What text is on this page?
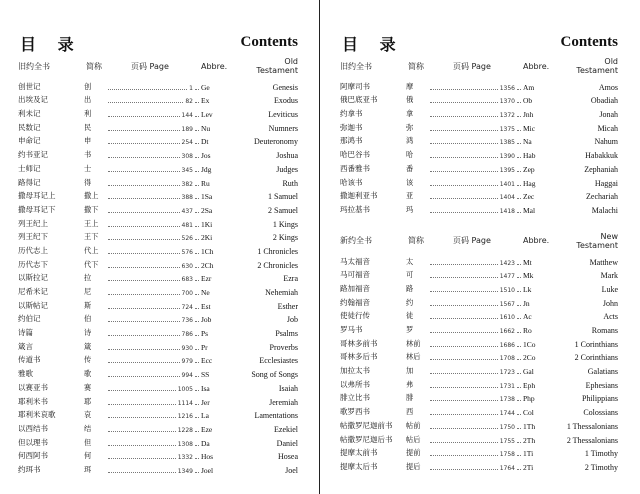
目 录	Contents
旧约全书	简称	页码 Page	Abbre.	Old Testament
创世记	创	1 Ge	Genesis
出埃及记	出	82 Ex	Exodus
利未记	利	144 Lev	Leviticus
民数记	民	189 Nu	Numners
申命记	申	254 Dt	Deuteronomy
约书亚记	书	308 Jos	Joshua
士师记	士	345 Jdg	Judges
路得记	得	382 Ru	Ruth
撒母耳记上	撒上	388 1Sa	1 Samuel
撒母耳记下	撒下	437 2Sa	2 Samuel
列王纪上	王上	481 1Ki	1 Kings
列王纪下	王下	526 2Ki	2 Kings
历代志上	代上	576 1Ch	1 Chronicles
历代志下	代下	630 2Ch	2 Chronicles
以斯拉记	拉	683 Ezr	Ezra
尼希米记	尼	700 Ne	Nehemiah
以斯帖记	斯	724 Est	Esther
约伯记	伯	736 Job	Job
诗篇	诗	786 Ps	Psalms
箴言	箴	930 Pr	Proverbs
传道书	传	979 Ecc	Ecclesiastes
雅歌	歌	994 SS	Song of Songs
以赛亚书	赛	1005 Isa	Isaiah
耶利米书	耶	1114 Jer	Jeremiah
耶利米哀歌	哀	1216 La	Lamentations
以西结书	结	1228 Eze	Ezekiel
但以理书	但	1308 Da	Daniel
何西阿书	何	1332 Hos	Hosea
约珥书	珥	1349 Joel	Joel
目 录	Contents
旧约全书	简称	页码 Page	Abbre.	Old Testament
阿摩司书	摩	1356 Am	Amos
俄巴底亚书	俄	1370 Ob	Obadiah
约拿书	拿	1372 Jnh	Jonah
弥迦书	弥	1375 Mic	Micah
那鸿书	鸿	1385 Na	Nahum
哈巴谷书	哈	1390 Hab	Habakkuk
西番雅书	番	1395 Zep	Zephaniah
哈该书	该	1401 Hag	Haggai
撒迦利亚书	亚	1404 Zec	Zechariah
玛拉基书	玛	1418 Mal	Malachi
新约全书	简称	页码 Page	Abbre.	New Testament
马太福音	太	1423 Mt	Matthew
马可福音	可	1477 Mk	Mark
路加福音	路	1510 Lk	Luke
约翰福音	约	1567 Jn	John
使徒行传	徒	1610 Ac	Acts
罗马书	罗	1662 Ro	Romans
哥林多前书	林前	1686 1Co	1 Corinthians
哥林多后书	林后	1708 2Co	2 Corinthians
加拉太书	加	1723 Gal	Galatians
以弗所书	弗	1731 Eph	Ephesians
腓立比书	腓	1738 Php	Philippians
歌罗西书	西	1744 Col	Colossians
帖撒罗尼迦前书	帖前	1750 1Th	1 Thessalonians
帖撒罗尼迦后书	帖后	1755 2Th	2 Thessalonians
提摩太前书	提前	1758 1Ti	1 Timothy
提摩太后书	提后	1764 2Ti	2 Timothy
